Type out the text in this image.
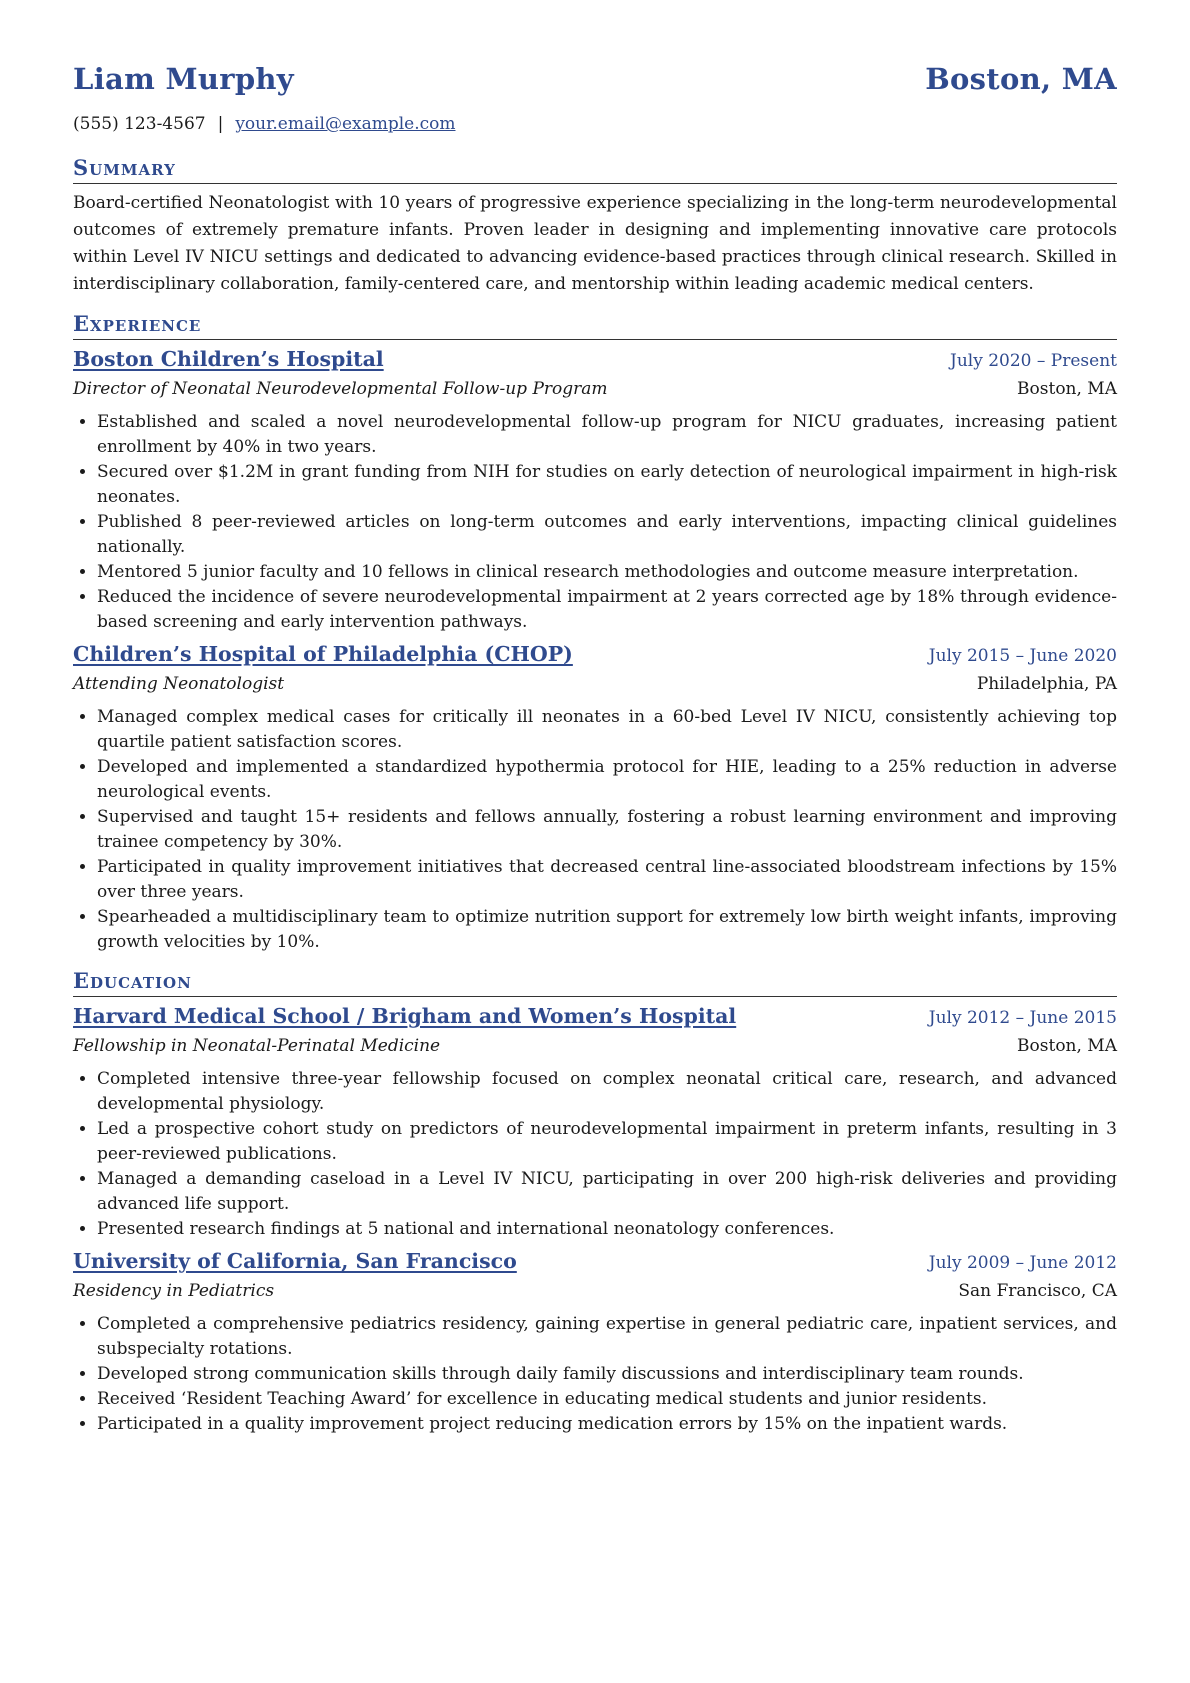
Liam Murphy	Boston, MA
(555) 123-4567 | your.email@example.com
Summary

Board-certified Neonatologist with 10 years of progressive experience specializing in the long-term neurodevelopmental outcomes of extremely premature infants. Proven leader in designing and implementing innovative care protocols within Level IV NICU settings and dedicated to advancing evidence-based practices through clinical research. Skilled in interdisciplinary collaboration, family-centered care, and mentorship within leading academic medical centers.

Experience
Boston Children’s Hospital	July 2020 – Present
Director of Neonatal Neurodevelopmental Follow-up Program	Boston, MA
• Established and scaled a novel neurodevelopmental follow-up program for NICU graduates, increasing patient enrollment by 40% in two years.
• Secured over $1.2M in grant funding from NIH for studies on early detection of neurological impairment in high-risk neonates.
• Published 8 peer-reviewed articles on long-term outcomes and early interventions, impacting clinical guidelines nationally.
• Mentored 5 junior faculty and 10 fellows in clinical research methodologies and outcome measure interpretation.
• Reduced the incidence of severe neurodevelopmental impairment at 2 years corrected age by 18% through evidence-based screening and early intervention pathways.
Children’s Hospital of Philadelphia (CHOP)	July 2015 – June 2020
Attending Neonatologist	Philadelphia, PA
• Managed complex medical cases for critically ill neonates in a 60-bed Level IV NICU, consistently achieving top quartile patient satisfaction scores.
• Developed and implemented a standardized hypothermia protocol for HIE, leading to a 25% reduction in adverse neurological events.
• Supervised and taught 15+ residents and fellows annually, fostering a robust learning environment and improving trainee competency by 30%.
• Participated in quality improvement initiatives that decreased central line-associated bloodstream infections by 15% over three years.
• Spearheaded a multidisciplinary team to optimize nutrition support for extremely low birth weight infants, improving growth velocities by 10%.
Education
Harvard Medical School / Brigham and Women’s Hospital	July 2012 – June 2015
Fellowship in Neonatal-Perinatal Medicine	Boston, MA
• Completed intensive three-year fellowship focused on complex neonatal critical care, research, and advanced developmental physiology.
• Led a prospective cohort study on predictors of neurodevelopmental impairment in preterm infants, resulting in 3 peer-reviewed publications.
• Managed a demanding caseload in a Level IV NICU, participating in over 200 high-risk deliveries and providing advanced life support.
• Presented research findings at 5 national and international neonatology conferences.
University of California, San Francisco	July 2009 – June 2012
Residency in Pediatrics	San Francisco, CA
• Completed a comprehensive pediatrics residency, gaining expertise in general pediatric care, inpatient services, and subspecialty rotations.
• Developed strong communication skills through daily family discussions and interdisciplinary team rounds.
• Received ‘Resident Teaching Award’ for excellence in educating medical students and junior residents.
• Participated in a quality improvement project reducing medication errors by 15% on the inpatient wards.
